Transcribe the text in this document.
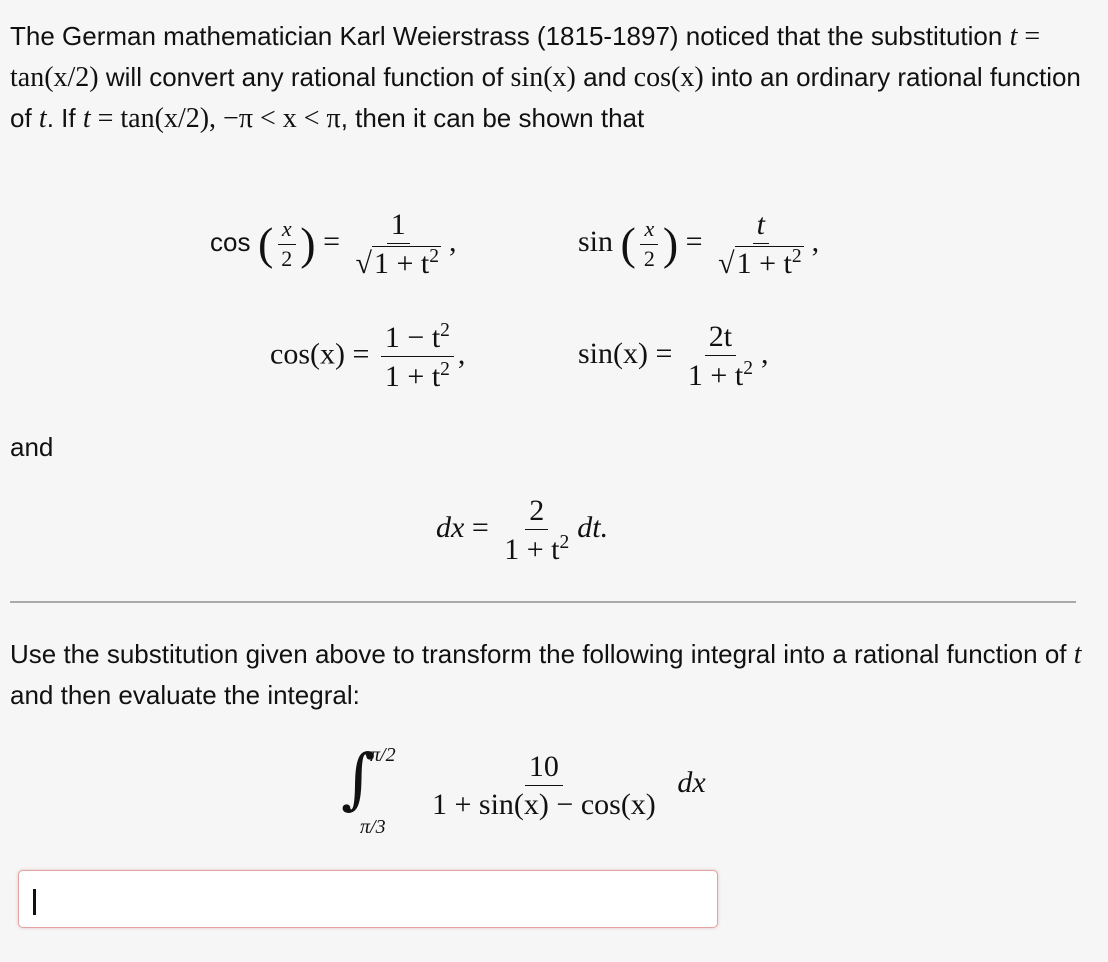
The German mathematician Karl Weierstrass (1815-1897) noticed that the substitution t = tan(x/2) will convert any rational function of sin(x) and cos(x) into an ordinary rational function of t. If t = tan(x/2), −π < x < π, then it can be shown that

cos ( $\frac{x}{2}$ ) = $\frac{1}{√1 + t^2}$ ,	sin ( $\frac{x}{2}$ ) = $\frac{t}{√1 + t^2}$ ,
$\cos(x) = \frac{1 - t^2}{1 + t^2}$ ,	$\sin(x) = \frac{2t}{1 + t^2}$ ,

and

dx = $\frac{2}{1 + t^2}$ dt.

Use the substitution given above to transform the following integral into a rational function of t and then evaluate the integral:

∫
π/2
π/3
$\frac{10}{1 + \sin(x) - \cos(x)}$ dx
